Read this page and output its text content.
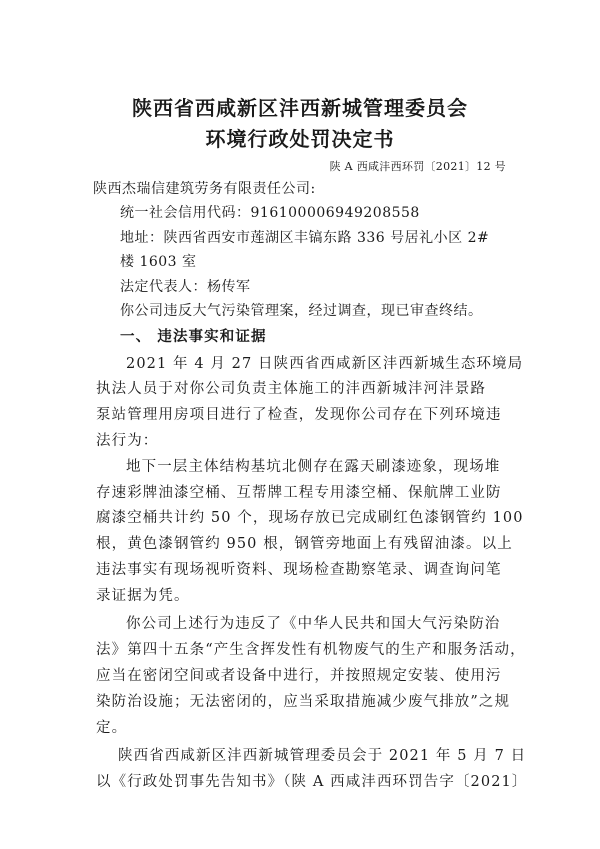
陕西省西咸新区沣西新城管理委员会
环境行政处罚决定书
陕 A 西咸沣西环罚〔2021〕12 号
陕西杰瑞信建筑劳务有限责任公司:
统一社会信用代码：916100006949208558
地址：陕西省西安市莲湖区丰镐东路 336 号居礼小区 2#
楼 1603 室
法定代表人：杨传军
你公司违反大气污染管理案，经过调查，现已审查终结。
一、 违法事实和证据
2021 年 4 月 27 日陕西省西咸新区沣西新城生态环境局
执法人员于对你公司负责主体施工的沣西新城沣河沣景路
泵站管理用房项目进行了检查，发现你公司存在下列环境违
法行为：
地下一层主体结构基坑北侧存在露天刷漆迹象，现场堆
存速彩牌油漆空桶、互帮牌工程专用漆空桶、保航牌工业防
腐漆空桶共计约 50 个，现场存放已完成刷红色漆钢管约 100
根，黄色漆钢管约 950 根，钢管旁地面上有残留油漆。以上
违法事实有现场视听资料、现场检查勘察笔录、调查询问笔
录证据为凭。
你公司上述行为违反了《中华人民共和国大气污染防治
法》第四十五条“产生含挥发性有机物废气的生产和服务活动，
应当在密闭空间或者设备中进行，并按照规定安装、使用污
染防治设施；无法密闭的，应当采取措施减少废气排放”之规
定。
陕西省西咸新区沣西新城管理委员会于 2021 年 5 月 7 日
以《行政处罚事先告知书》（陕 A 西咸沣西环罚告字〔2021〕
